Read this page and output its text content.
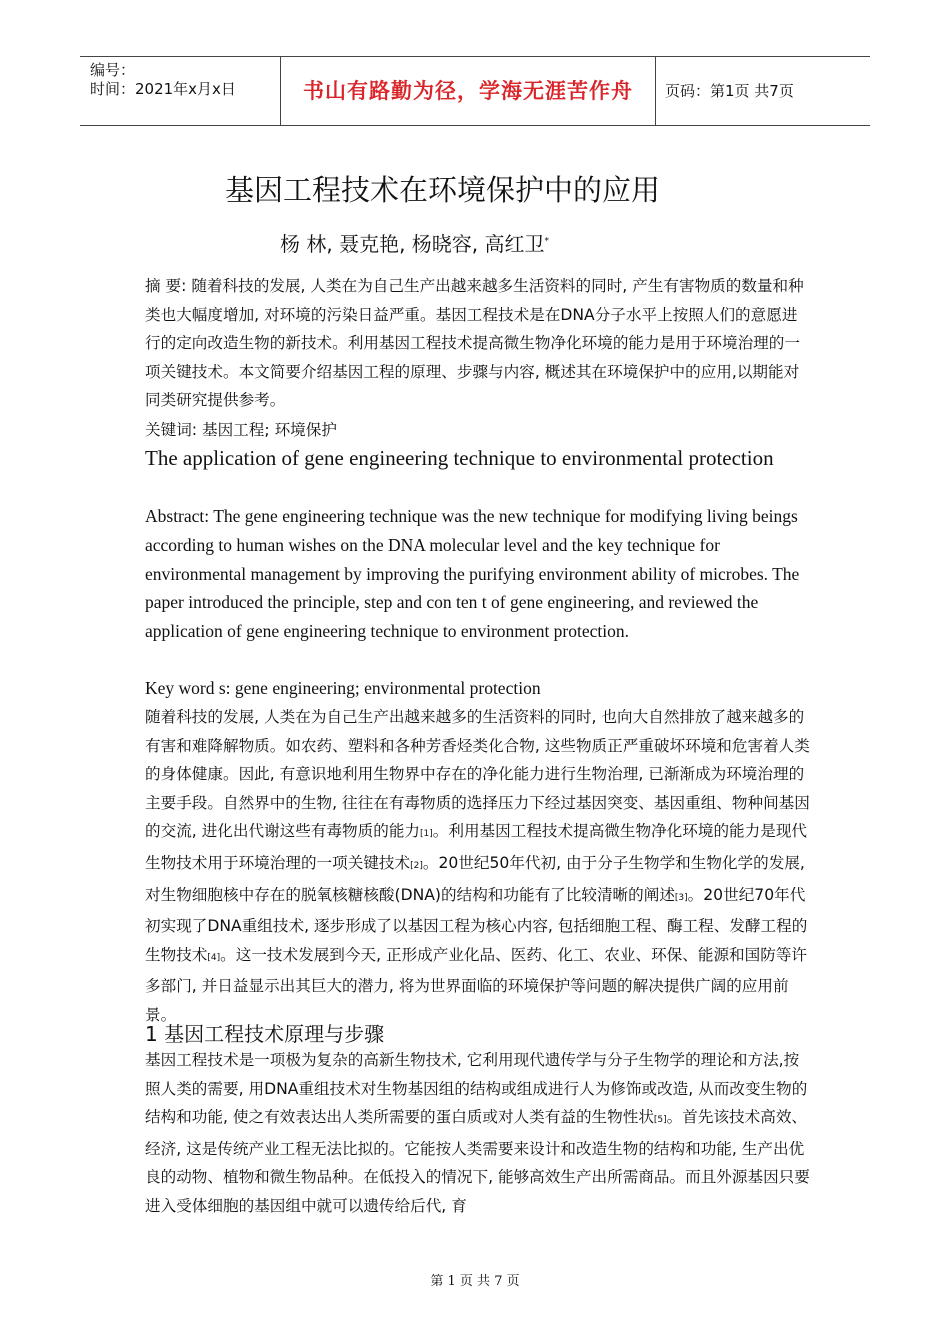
编号：
时间：2021年x月x日	书山有路勤为径，学海无涯苦作舟	页码：第1页 共7页
基因工程技术在环境保护中的应用
杨 林, 聂克艳, 杨晓容, 高红卫*
摘 要: 随着科技的发展, 人类在为自己生产出越来越多生活资料的同时, 产生有害物质的数量和种类也大幅度增加, 对环境的污染日益严重。基因工程技术是在DNA分子水平上按照人们的意愿进行的定向改造生物的新技术。利用基因工程技术提高微生物净化环境的能力是用于环境治理的一项关键技术。本文简要介绍基因工程的原理、步骤与内容, 概述其在环境保护中的应用,以期能对同类研究提供参考。
关键词: 基因工程; 环境保护
The application of gene engineering technique to environmental protection
Abstract: The gene engineering technique was the new technique for modifying living beings according to human wishes on the DNA molecular level and the key technique for environmental management by improving the purifying environment ability of microbes. The paper introduced the principle, step and con ten t of gene engineering, and reviewed the application of gene engineering technique to environment protection.
Key word s: gene engineering; environmental protection
随着科技的发展, 人类在为自己生产出越来越多的生活资料的同时, 也向大自然排放了越来越多的有害和难降解物质。如农药、塑料和各种芳香烃类化合物, 这些物质正严重破坏环境和危害着人类的身体健康。因此, 有意识地利用生物界中存在的净化能力进行生物治理, 已渐渐成为环境治理的主要手段。自然界中的生物, 往往在有毒物质的选择压力下经过基因突变、基因重组、物种间基因的交流, 进化出代谢这些有毒物质的能力[1]。利用基因工程技术提高微生物净化环境的能力是现代生物技术用于环境治理的一项关键技术[2]。20世纪50年代初, 由于分子生物学和生物化学的发展, 对生物细胞核中存在的脱氧核糖核酸(DNA)的结构和功能有了比较清晰的阐述[3]。20世纪70年代初实现了DNA重组技术, 逐步形成了以基因工程为核心内容, 包括细胞工程、酶工程、发酵工程的生物技术[4]。这一技术发展到今天, 正形成产业化品、医药、化工、农业、环保、能源和国防等许多部门, 并日益显示出其巨大的潜力, 将为世界面临的环境保护等问题的解决提供广阔的应用前景。
1 基因工程技术原理与步骤
基因工程技术是一项极为复杂的高新生物技术, 它利用现代遗传学与分子生物学的理论和方法,按照人类的需要, 用DNA重组技术对生物基因组的结构或组成进行人为修饰或改造, 从而改变生物的结构和功能, 使之有效表达出人类所需要的蛋白质或对人类有益的生物性状[5]。首先该技术高效、经济, 这是传统产业工程无法比拟的。它能按人类需要来设计和改造生物的结构和功能, 生产出优良的动物、植物和微生物品种。在低投入的情况下, 能够高效生产出所需商品。而且外源基因只要进入受体细胞的基因组中就可以遗传给后代, 育
第 1 页 共 7 页
